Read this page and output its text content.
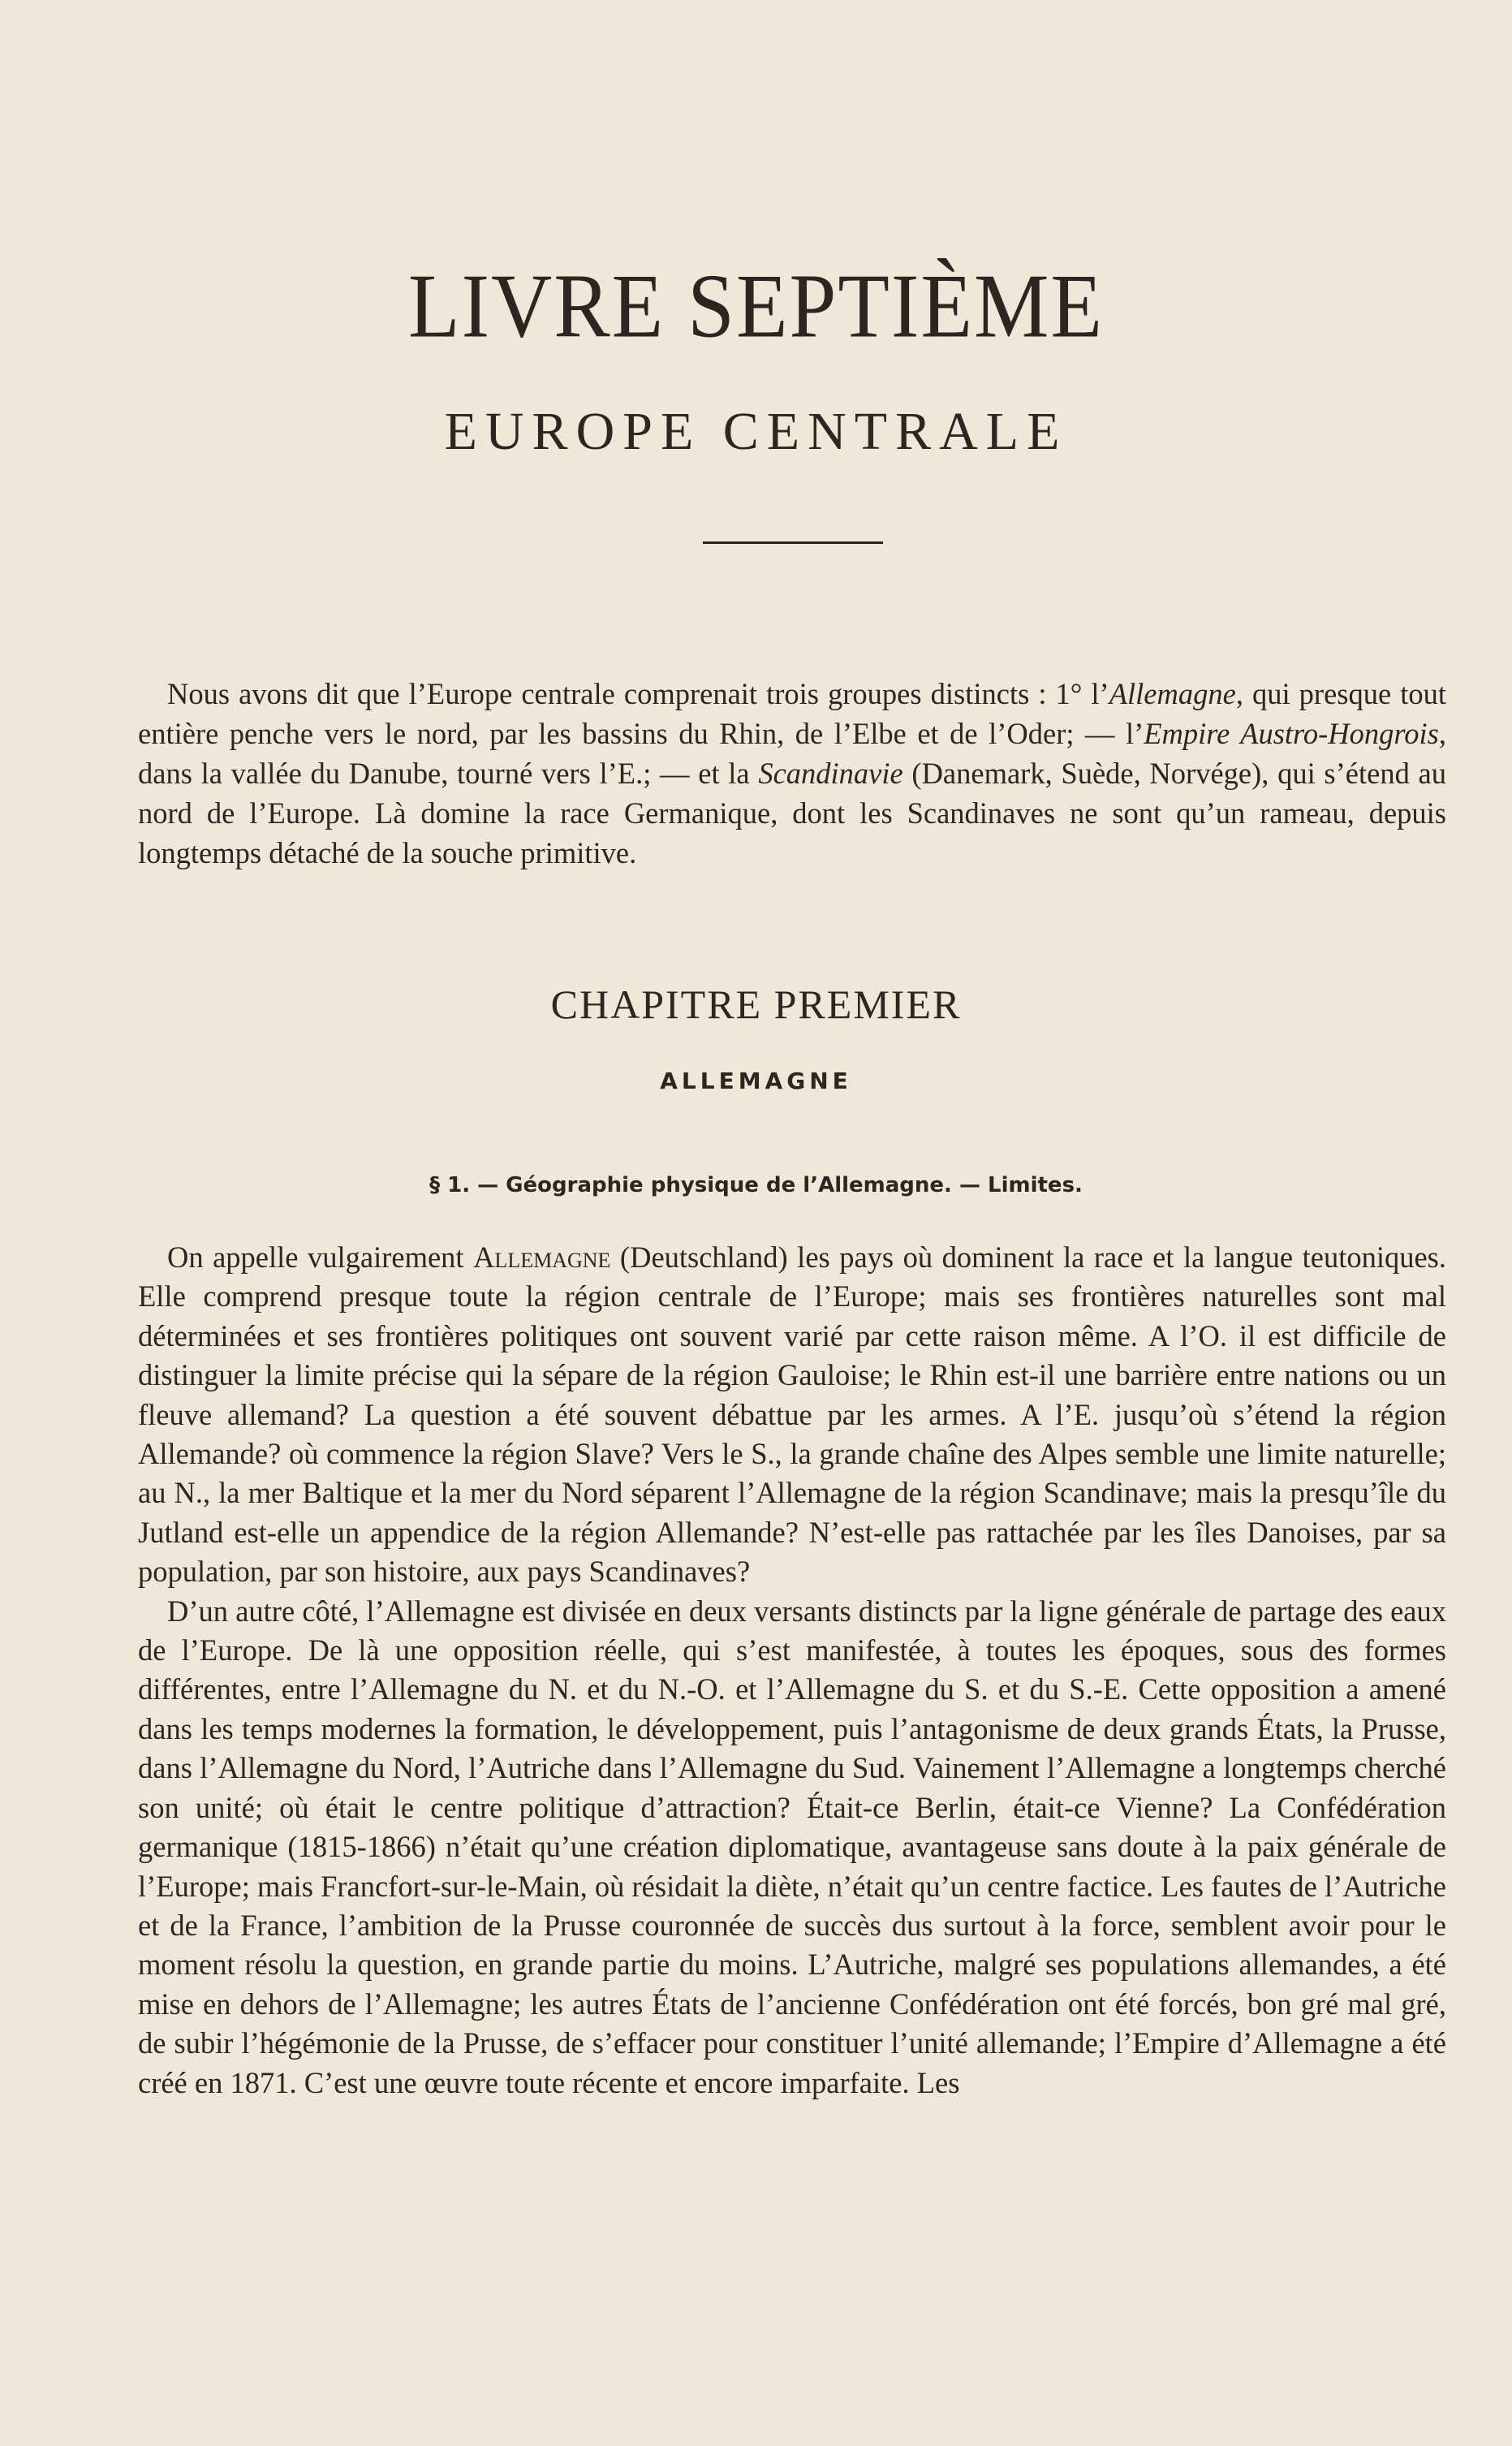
LIVRE SEPTIÈME
EUROPE CENTRALE

Nous avons dit que l’Europe centrale comprenait trois groupes distincts : 1° l’Allemagne, qui presque tout entière penche vers le nord, par les bassins du Rhin, de l’Elbe et de l’Oder; — l’Empire Austro-Hongrois, dans la vallée du Danube, tourné vers l’E.; — et la Scandinavie (Danemark, Suède, Norvége), qui s’étend au nord de l’Europe. Là domine la race Germanique, dont les Scandinaves ne sont qu’un rameau, depuis longtemps détaché de la souche primitive.

CHAPITRE PREMIER
ALLEMAGNE
§ 1. — Géographie physique de l’Allemagne. — Limites.

On appelle vulgairement Allemagne (Deutschland) les pays où dominent la race et la langue teutoniques. Elle comprend presque toute la région centrale de l’Europe; mais ses frontières naturelles sont mal déterminées et ses frontières politiques ont souvent varié par cette raison même. A l’O. il est difficile de distinguer la limite précise qui la sépare de la région Gauloise; le Rhin est-il une barrière entre nations ou un fleuve allemand? La question a été souvent débattue par les armes. A l’E. jusqu’où s’étend la région Allemande? où commence la région Slave? Vers le S., la grande chaîne des Alpes semble une limite naturelle; au N., la mer Baltique et la mer du Nord séparent l’Allemagne de la région Scandinave; mais la presqu’île du Jutland est-elle un appendice de la région Allemande? N’est-elle pas rattachée par les îles Danoises, par sa population, par son histoire, aux pays Scandinaves?

D’un autre côté, l’Allemagne est divisée en deux versants distincts par la ligne générale de partage des eaux de l’Europe. De là une opposition réelle, qui s’est manifestée, à toutes les époques, sous des formes différentes, entre l’Allemagne du N. et du N.-O. et l’Allemagne du S. et du S.-E. Cette opposition a amené dans les temps modernes la formation, le développement, puis l’antagonisme de deux grands États, la Prusse, dans l’Allemagne du Nord, l’Autriche dans l’Allemagne du Sud. Vainement l’Allemagne a longtemps cherché son unité; où était le centre politique d’attraction? Était-ce Berlin, était-ce Vienne? La Confédération germanique (1815-1866) n’était qu’une création diplomatique, avantageuse sans doute à la paix générale de l’Europe; mais Francfort-sur-le-Main, où résidait la diète, n’était qu’un centre factice. Les fautes de l’Autriche et de la France, l’ambition de la Prusse couronnée de succès dus surtout à la force, semblent avoir pour le moment résolu la question, en grande partie du moins. L’Autriche, malgré ses populations allemandes, a été mise en dehors de l’Allemagne; les autres États de l’ancienne Confédération ont été forcés, bon gré mal gré, de subir l’hégémonie de la Prusse, de s’effacer pour constituer l’unité allemande; l’Empire d’Allemagne a été créé en 1871. C’est une œuvre toute récente et encore imparfaite. Les
